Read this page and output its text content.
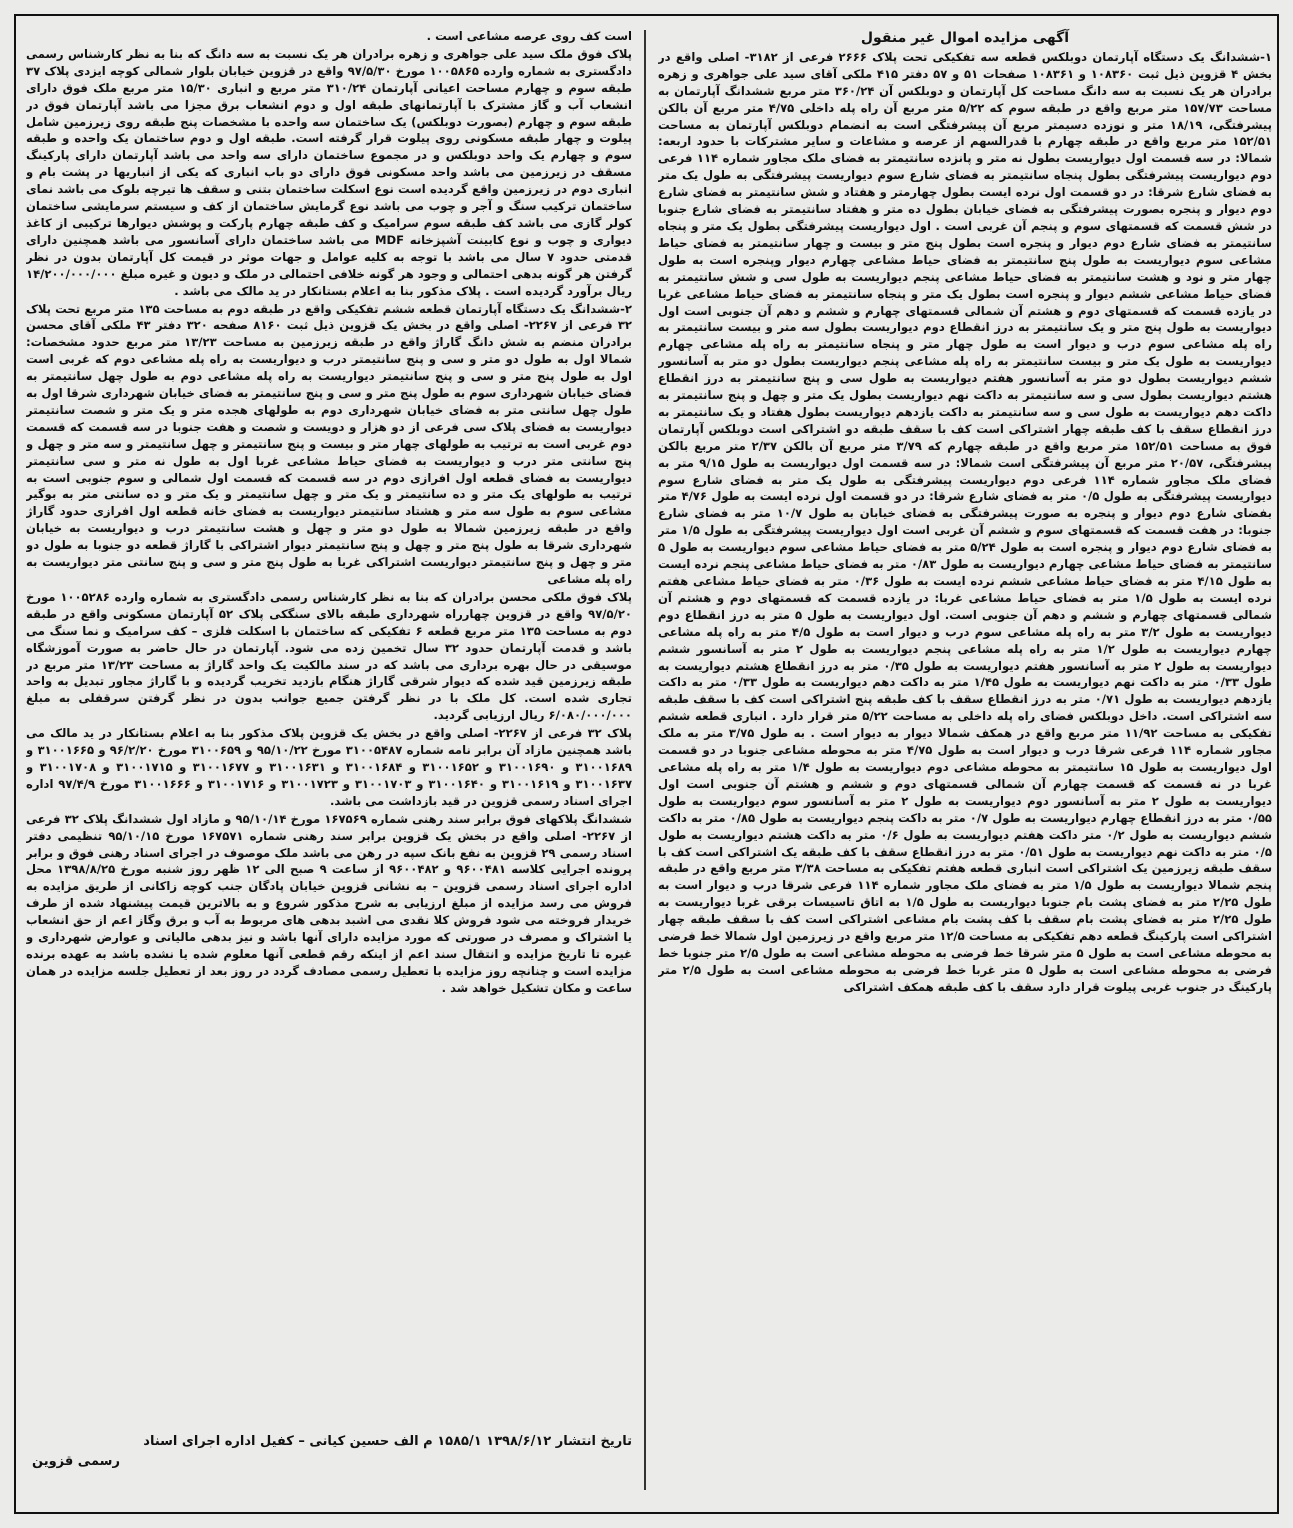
آگهی مزایده اموال غیر منقول

۱-ششدانگ یک دستگاه آپارتمان دوبلکس قطعه سه تفکیکی تحت پلاک ۲۶۶۶ فرعی از ۳۱۸۲- اصلی واقع در بخش ۴ قزوین ذیل ثبت ۱۰۸۳۶۰ و ۱۰۸۳۶۱ صفحات ۵۱ و ۵۷ دفتر ۴۱۵ ملکی آقای سید علی جواهری و زهره برادران هر یک نسبت به سه دانگ مساحت کل آپارتمان و دوبلکس آن ۳۶۰/۲۴ متر مربع ششدانگ آپارتمان به مساحت ۱۵۷/۷۳ متر مربع واقع در طبقه سوم که ۵/۲۲ متر مربع آن راه پله داخلی ۴/۷۵ متر مربع آن بالکن پیشرفتگی، ۱۸/۱۹ متر و نوزده دسیمتر مربع آن پیشرفتگی است به انضمام دوبلکس آپارتمان به مساحت ۱۵۲/۵۱ متر مربع واقع در طبقه چهارم با قدرالسهم از عرصه و مشاعات و سایر مشترکات با حدود اربعه: شمالا: در سه قسمت اول دیواریست بطول نه متر و پانزده سانتیمتر به فضای ملک مجاور شماره ۱۱۴ فرعی دوم دیواریست پیشرفتگی بطول پنجاه سانتیمتر به فضای شارع سوم دیواریست پیشرفتگی به طول یک متر به فضای شارع شرقا: در دو قسمت اول نرده ایست بطول چهارمتر و هفتاد و شش سانتیمتر به فضای شارع دوم دیوار و پنجره بصورت پیشرفتگی به فضای خیابان بطول ده متر و هفتاد سانتیمتر به فضای شارع جنوبا در شش قسمت که قسمتهای سوم و پنجم آن غربی است . اول دیواریست پیشرفتگی بطول یک متر و پنجاه سانتیمتر به فضای شارع دوم دیوار و پنجره است بطول پنج متر و بیست و چهار سانتیمتر به فضای حیاط مشاعی سوم دیواریست به طول پنج سانتیمتر به فضای حیاط مشاعی چهارم دیوار وپنجره است به طول چهار متر و نود و هشت سانتیمتر به فضای حیاط مشاعی پنجم دیواریست به طول سی و شش سانتیمتر به فضای حیاط مشاعی ششم دیوار و پنجره است بطول یک متر و پنجاه سانتیمتر به فضای حیاط مشاعی غربا در یازده قسمت که قسمتهای دوم و هشتم آن شمالی قسمتهای چهارم و ششم و دهم آن جنوبی است اول دیواریست به طول پنج متر و یک سانتیمتر به درز انقطاع دوم دیواریست بطول سه متر و بیست سانتیمتر به راه پله مشاعی سوم درب و دیوار است به طول چهار متر و پنجاه سانتیمتر به راه پله مشاعی چهارم دیواریست به طول یک متر و بیست سانتیمتر به راه پله مشاعی پنجم دیواریست بطول دو متر به آسانسور ششم دیواریست بطول دو متر به آسانسور هفتم دیواریست به طول سی و پنج سانتیمتر به درز انقطاع هشتم دیواریست بطول سی و سه سانتیمتر به داکت نهم دیواریست بطول یک متر و چهل و پنج سانتیمتر به داکت دهم دیواریست به طول سی و سه سانتیمتر به داکت یازدهم دیواریست بطول هفتاد و یک سانتیمتر به درز انقطاع سقف با کف طبقه چهار اشتراکی است کف با سقف طبقه دو اشتراکی است دوبلکس آپارتمان فوق به مساحت ۱۵۲/۵۱ متر مربع واقع در طبقه چهارم که ۳/۷۹ متر مربع آن بالکن ۲/۳۷ متر مربع بالکن پیشرفتگی، ۲۰/۵۷ متر مربع آن پیشرفتگی است شمالا: در سه قسمت اول دیواریست به طول ۹/۱۵ متر به فضای ملک مجاور شماره ۱۱۴ فرعی دوم دیواریست پیشرفتگی به طول یک متر به فضای شارع سوم دیواریست پیشرفتگی به طول ۰/۵ متر به فضای شارع شرقا: در دو قسمت اول نرده ایست به طول ۴/۷۶ متر بفضای شارع دوم دیوار و پنجره به صورت پیشرفتگی به فضای خیابان به طول ۱۰/۷ متر به فضای شارع جنوبا: در هفت قسمت که قسمتهای سوم و ششم آن غربی است اول دیواریست پیشرفتگی به طول ۱/۵ متر به فضای شارع دوم دیوار و پنجره است به طول ۵/۲۴ متر به فضای حیاط مشاعی سوم دیواریست به طول ۵ سانتیمتر به فضای حیاط مشاعی چهارم دیواریست به طول ۰/۸۳ متر به فضای حیاط مشاعی پنجم نرده ایست به طول ۴/۱۵ متر به فضای حیاط مشاعی ششم نرده ایست به طول ۰/۳۶ متر به فضای حیاط مشاعی هفتم نرده ایست به طول ۱/۵ متر به فضای حیاط مشاعی غربا: در یازده قسمت که قسمتهای دوم و هشتم آن شمالی قسمتهای چهارم و ششم و دهم آن جنوبی است. اول دیواریست به طول ۵ متر به درز انقطاع دوم دیواریست به طول ۳/۲ متر به راه پله مشاعی سوم درب و دیوار است به طول ۴/۵ متر به راه پله مشاعی چهارم دیواریست به طول ۱/۲ متر به راه پله مشاعی پنجم دیواریست به طول ۲ متر به آسانسور ششم دیواریست به طول ۲ متر به آسانسور هفتم دیواریست به طول ۰/۳۵ متر به درز انقطاع هشتم دیواریست به طول ۰/۳۳ متر به داکت نهم دیواریست به طول ۱/۴۵ متر به داکت دهم دیواریست به طول ۰/۳۳ متر به داکت یازدهم دیواریست به طول ۰/۷۱ متر به درز انقطاع سقف با کف طبقه پنج اشتراکی است کف با سقف طبقه سه اشتراکی است. داخل دوبلکس فضای راه پله داخلی به مساحت ۵/۲۲ متر قرار دارد . انباری قطعه ششم تفکیکی به مساحت ۱۱/۹۲ متر مربع واقع در همکف شمالا دیوار به دیوار است . به طول ۳/۷۵ متر به ملک مجاور شماره ۱۱۴ فرعی شرقا درب و دیوار است به طول ۴/۷۵ متر به محوطه مشاعی جنوبا در دو قسمت اول دیواریست به طول ۱۵ سانتیمتر به محوطه مشاعی دوم دیواریست به طول ۱/۴ متر به راه پله مشاعی غربا در نه قسمت که قسمت چهارم آن شمالی قسمتهای دوم و ششم و هشتم آن جنوبی است اول دیواریست به طول ۲ متر به آسانسور دوم دیواریست به طول ۲ متر به آسانسور سوم دیواریست به طول ۰/۵۵ متر به درز انقطاع چهارم دیواریست به طول ۰/۷ متر به داکت پنجم دیواریست به طول ۰/۸۵ متر به داکت ششم دیواریست به طول ۰/۲ متر داکت هفتم دیواریست به طول ۰/۶ متر به داکت هشتم دیواریست به طول ۰/۵ متر به داکت نهم دیواریست به طول ۰/۵۱ متر به درز انقطاع سقف با کف طبقه یک اشتراکی است کف با سقف طبقه زیرزمین یک اشتراکی است انباری قطعه هفتم تفکیکی به مساحت ۳/۳۸ متر مربع واقع در طبقه پنجم شمالا دیواریست به طول ۱/۵ متر به فضای ملک مجاور شماره ۱۱۴ فرعی شرقا درب و دیوار است به طول ۲/۲۵ متر به فضای پشت بام جنوبا دیواریست به طول ۱/۵ به اتاق تاسیسات برقی غربا دیواریست به طول ۲/۲۵ متر به فضای پشت بام سقف با کف پشت بام مشاعی اشتراکی است کف با سقف طبقه چهار اشتراکی است پارکینگ قطعه دهم تفکیکی به مساحت ۱۲/۵ متر مربع واقع در زیرزمین اول شمالا خط فرضی به محوطه مشاعی است به طول ۵ متر شرقا خط فرضی به محوطه مشاعی است به طول ۲/۵ متر جنوبا خط فرضی به محوطه مشاعی است به طول ۵ متر غربا خط فرضی به محوطه مشاعی است به طول ۲/۵ متر پارکینگ در جنوب غربی پیلوت قرار دارد سقف با کف طبقه همکف اشتراکی

است کف روی عرصه مشاعی است .

پلاک فوق ملک سید علی جواهری و زهره برادران هر یک نسبت به سه دانگ که بنا به نظر کارشناس رسمی دادگستری به شماره وارده ۱۰۰۵۸۶۵ مورخ ۹۷/۵/۳۰ واقع در قزوین خیابان بلوار شمالی کوچه ایزدی پلاک ۳۷ طبقه سوم و چهارم مساحت اعیانی آپارتمان ۳۱۰/۲۴ متر مربع و انباری ۱۵/۳۰ متر مربع ملک فوق دارای انشعاب آب و گاز مشترک با آپارتمانهای طبقه اول و دوم انشعاب برق مجزا می باشد آپارتمان فوق در طبقه سوم و چهارم (بصورت دوبلکس) یک ساختمان سه واحده با مشخصات پنج طبقه روی زیرزمین شامل پیلوت و چهار طبقه مسکونی روی پیلوت قرار گرفته است. طبقه اول و دوم ساختمان یک واحده و طبقه سوم و چهارم یک واحد دوبلکس و در مجموع ساختمان دارای سه واحد می باشد آپارتمان دارای پارکینگ مسقف در زیرزمین می باشد واحد مسکونی فوق دارای دو باب انباری که یکی از انباریها در پشت بام و انباری دوم در زیرزمین واقع گردیده است نوع اسکلت ساختمان بتنی و سقف ها تیرچه بلوک می باشد نمای ساختمان ترکیب سنگ و آجر و چوب می باشد نوع گرمایش ساختمان از کف و سیستم سرمایشی ساختمان کولر گازی می باشد کف طبقه سوم سرامیک و کف طبقه چهارم پارکت و پوشش دیوارها ترکیبی از کاغذ دیواری و چوب و نوع کابینت آشپزخانه MDF می باشد ساختمان دارای آسانسور می باشد همچنین دارای قدمتی حدود ۷ سال می باشد با توجه به کلیه عوامل و جهات موثر در قیمت کل آپارتمان بدون در نظر گرفتن هر گونه بدهی احتمالی و وجود هر گونه خلافی احتمالی در ملک و دیون و غیره مبلغ ۱۴/۲۰۰/۰۰۰/۰۰۰ ریال برآورد گردیده است . پلاک مذکور بنا به اعلام بستانکار در ید مالک می باشد .

۲-ششدانگ یک دستگاه آپارتمان قطعه ششم تفکیکی واقع در طبقه دوم به مساحت ۱۳۵ متر مربع تحت پلاک ۳۲ فرعی از ۲۲۶۷- اصلی واقع در بخش یک قزوین ذیل ثبت ۸۱۶۰ صفحه ۳۲۰ دفتر ۴۳ ملکی آقای محسن برادران منضم به شش دانگ گاراژ واقع در طبقه زیرزمین به مساحت ۱۳/۲۳ متر مربع حدود مشخصات: شمالا اول به طول دو متر و سی و پنج سانتیمتر درب و دیواریست به راه پله مشاعی دوم که غربی است اول به طول پنج متر و سی و پنج سانتیمتر دیواریست به راه پله مشاعی دوم به طول چهل سانتیمتر به فضای خیابان شهرداری سوم به طول پنج متر و سی و پنج سانتیمتر به فضای خیابان شهرداری شرقا اول به طول چهل سانتی متر به فضای خیابان شهرداری دوم به طولهای هجده متر و یک متر و شصت سانتیمتر دیواریست به فضای پلاک سی فرعی از دو هزار و دویست و شصت و هفت جنوبا در سه قسمت که قسمت دوم غربی است به ترتیب به طولهای چهار متر و بیست و پنج سانتیمتر و چهل سانتیمتر و سه متر و چهل و پنج سانتی متر درب و دیواریست به فضای حیاط مشاعی غربا اول به طول نه متر و سی سانتیمتر دیواریست به فضای قطعه اول افرازی دوم در سه قسمت که قسمت اول شمالی و سوم جنوبی است به ترتیب به طولهای یک متر و ده سانتیمتر و یک متر و چهل سانتیمتر و یک متر و ده سانتی متر به بوگیر مشاعی سوم به طول سه متر و هشتاد سانتیمتر دیواریست به فضای خانه قطعه اول افرازی حدود گاراژ واقع در طبقه زیرزمین شمالا به طول دو متر و چهل و هشت سانتیمتر درب و دیواریست به خیابان شهرداری شرقا به طول پنج متر و چهل و پنج سانتیمتر دیوار اشتراکی با گاراژ قطعه دو جنوبا به طول دو متر و چهل و پنج سانتیمتر دیواریست اشتراکی غربا به طول پنج متر و سی و پنج سانتی متر دیواریست به راه پله مشاعی

پلاک فوق ملکی محسن برادران که بنا به نظر کارشناس رسمی دادگستری به شماره وارده ۱۰۰۵۲۸۶ مورخ ۹۷/۵/۲۰ واقع در قزوین چهارراه شهرداری طبقه بالای سنگکی پلاک ۵۲ آپارتمان مسکونی واقع در طبقه دوم به مساحت ۱۳۵ متر مربع قطعه ۶ تفکیکی که ساختمان با اسکلت فلزی – کف سرامیک و نما سنگ می باشد و قدمت آپارتمان حدود ۳۲ سال تخمین زده می شود. آپارتمان در حال حاضر به صورت آموزشگاه موسیقی در حال بهره برداری می باشد که در سند مالکیت یک واحد گاراژ به مساحت ۱۳/۲۳ متر مربع در طبقه زیرزمین قید شده که دیوار شرقی گاراژ هنگام بازدید تخریب گردیده و با گاراژ مجاور تبدیل به واحد تجاری شده است. کل ملک با در نظر گرفتن جمیع جوانب بدون در نظر گرفتن سرقفلی به مبلغ ۶/۰۸۰/۰۰۰/۰۰۰ ریال ارزیابی گردید.

پلاک ۳۲ فرعی از ۲۲۶۷- اصلی واقع در بخش یک قزوین پلاک مذکور بنا به اعلام بستانکار در ید مالک می باشد همچنین مازاد آن برابر نامه شماره ۳۱۰۰۵۴۸۷ مورخ ۹۵/۱۰/۲۲ و ۳۱۰۰۶۵۹ مورخ ۹۶/۲/۲۰ و ۳۱۰۰۱۶۶۵ و ۳۱۰۰۱۶۸۹ و ۳۱۰۰۱۶۹۰ و ۳۱۰۰۱۶۵۲ و ۳۱۰۰۱۶۸۴ و ۳۱۰۰۱۶۳۱ و ۳۱۰۰۱۶۷۷ و ۳۱۰۰۱۷۱۵ و ۳۱۰۰۱۷۰۸ و ۳۱۰۰۱۶۳۷ و ۳۱۰۰۱۶۱۹ و ۳۱۰۰۱۶۴۰ و ۳۱۰۰۱۷۰۳ و ۳۱۰۰۱۷۲۳ و ۳۱۰۰۱۷۱۶ و ۳۱۰۰۱۶۶۶ مورخ ۹۷/۴/۹ اداره اجرای اسناد رسمی قزوین در قید بازداشت می باشد.

ششدانگ پلاکهای فوق برابر سند رهنی شماره ۱۶۷۵۶۹ مورخ ۹۵/۱۰/۱۴ و مازاد اول ششدانگ پلاک ۳۲ فرعی از ۲۲۶۷- اصلی واقع در بخش یک قزوین برابر سند رهنی شماره ۱۶۷۵۷۱ مورخ ۹۵/۱۰/۱۵ تنظیمی دفتر اسناد رسمی ۲۹ قزوین به نفع بانک سپه در رهن می باشد ملک موصوف در اجرای اسناد رهنی فوق و برابر پرونده اجرایی کلاسه ۹۶۰۰۴۸۱ و ۹۶۰۰۴۸۲ از ساعت ۹ صبح الی ۱۲ ظهر روز شنبه مورخ ۱۳۹۸/۸/۲۵ محل اداره اجرای اسناد رسمی قزوین – به نشانی قزوین خیابان پادگان جنب کوچه زاکانی از طریق مزایده به فروش می رسد مزایده از مبلغ ارزیابی به شرح مذکور شروع و به بالاترین قیمت پیشنهاد شده از طرف خریدار فروخته می شود فروش کلا نقدی می اشبد بدهی های مربوط به آب و برق وگاز اعم از حق انشعاب یا اشتراک و مصرف در صورتی که مورد مزایده دارای آنها باشد و نیز بدهی مالیاتی و عوارض شهرداری و غیره تا تاریخ مزایده و انتقال سند اعم از اینکه رقم قطعی آنها معلوم شده یا نشده باشد به عهده برنده مزایده است و چنانچه روز مزایده با تعطیل رسمی مصادف گردد در روز بعد از تعطیل جلسه مزایده در همان ساعت و مکان تشکیل خواهد شد .

تاریخ انتشار ۱۳۹۸/۶/۱۲ ۱۵۸۵/۱ م الف حسین کیانی – کفیل اداره اجرای اسناد
رسمی قزوین
